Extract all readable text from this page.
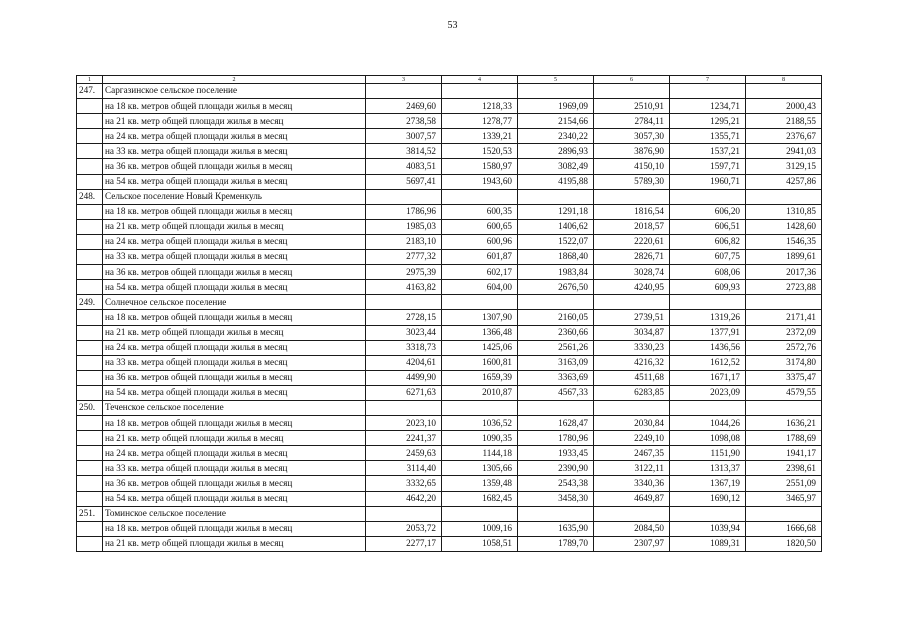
53
1	2	3	4	5	6	7	8
247.	Саргазинское сельское поселение						
	на 18 кв. метров общей площади жилья в месяц	2469,60	1218,33	1969,09	2510,91	1234,71	2000,43
	на 21 кв. метр общей площади жилья в месяц	2738,58	1278,77	2154,66	2784,11	1295,21	2188,55
	на 24 кв. метра общей площади жилья в месяц	3007,57	1339,21	2340,22	3057,30	1355,71	2376,67
	на 33 кв. метра общей площади жилья в месяц	3814,52	1520,53	2896,93	3876,90	1537,21	2941,03
	на 36 кв. метров общей площади жилья в месяц	4083,51	1580,97	3082,49	4150,10	1597,71	3129,15
	на 54 кв. метра общей площади жилья в месяц	5697,41	1943,60	4195,88	5789,30	1960,71	4257,86
248.	Сельское поселение Новый Кременкуль						
	на 18 кв. метров общей площади жилья в месяц	1786,96	600,35	1291,18	1816,54	606,20	1310,85
	на 21 кв. метр общей площади жилья в месяц	1985,03	600,65	1406,62	2018,57	606,51	1428,60
	на 24 кв. метра общей площади жилья в месяц	2183,10	600,96	1522,07	2220,61	606,82	1546,35
	на 33 кв. метра общей площади жилья в месяц	2777,32	601,87	1868,40	2826,71	607,75	1899,61
	на 36 кв. метров общей площади жилья в месяц	2975,39	602,17	1983,84	3028,74	608,06	2017,36
	на 54 кв. метра общей площади жилья в месяц	4163,82	604,00	2676,50	4240,95	609,93	2723,88
249.	Солнечное сельское поселение						
	на 18 кв. метров общей площади жилья в месяц	2728,15	1307,90	2160,05	2739,51	1319,26	2171,41
	на 21 кв. метр общей площади жилья в месяц	3023,44	1366,48	2360,66	3034,87	1377,91	2372,09
	на 24 кв. метра общей площади жилья в месяц	3318,73	1425,06	2561,26	3330,23	1436,56	2572,76
	на 33 кв. метра общей площади жилья в месяц	4204,61	1600,81	3163,09	4216,32	1612,52	3174,80
	на 36 кв. метров общей площади жилья в месяц	4499,90	1659,39	3363,69	4511,68	1671,17	3375,47
	на 54 кв. метра общей площади жилья в месяц	6271,63	2010,87	4567,33	6283,85	2023,09	4579,55
250.	Теченское сельское поселение						
	на 18 кв. метров общей площади жилья в месяц	2023,10	1036,52	1628,47	2030,84	1044,26	1636,21
	на 21 кв. метр общей площади жилья в месяц	2241,37	1090,35	1780,96	2249,10	1098,08	1788,69
	на 24 кв. метра общей площади жилья в месяц	2459,63	1144,18	1933,45	2467,35	1151,90	1941,17
	на 33 кв. метра общей площади жилья в месяц	3114,40	1305,66	2390,90	3122,11	1313,37	2398,61
	на 36 кв. метров общей площади жилья в месяц	3332,65	1359,48	2543,38	3340,36	1367,19	2551,09
	на 54 кв. метра общей площади жилья в месяц	4642,20	1682,45	3458,30	4649,87	1690,12	3465,97
251.	Томинское сельское поселение						
	на 18 кв. метров общей площади жилья в месяц	2053,72	1009,16	1635,90	2084,50	1039,94	1666,68
	на 21 кв. метр общей площади жилья в месяц	2277,17	1058,51	1789,70	2307,97	1089,31	1820,50
